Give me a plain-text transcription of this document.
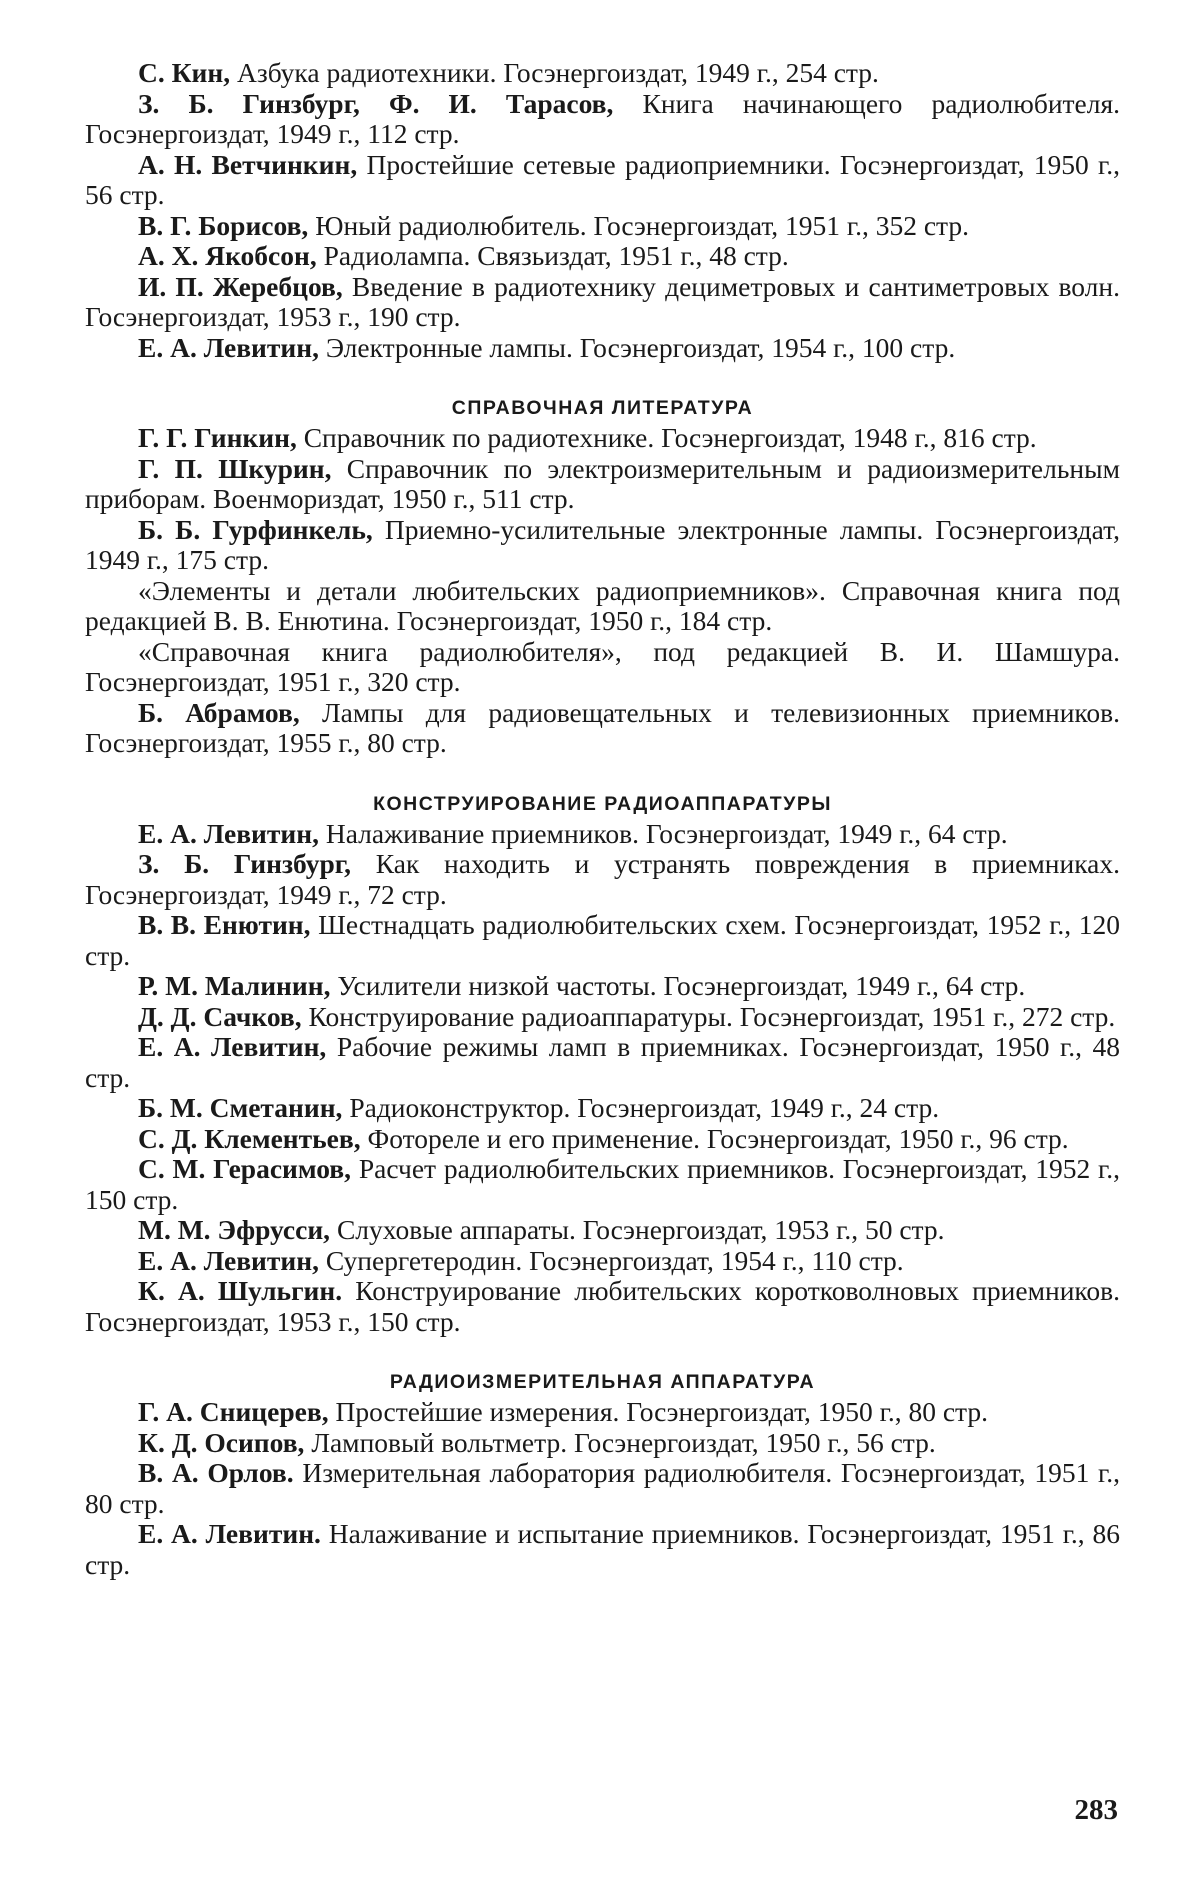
С. Кин, Азбука радиотехники. Госэнергоиздат, 1949 г., 254 стр.

З. Б. Гинзбург, Ф. И. Тарасов, Книга начинающего радиолюбителя. Госэнергоиздат, 1949 г., 112 стр.

А. Н. Ветчинкин, Простейшие сетевые радиоприемники. Госэнергоиздат, 1950 г., 56 стр.

В. Г. Борисов, Юный радиолюбитель. Госэнергоиздат, 1951 г., 352 стр.

А. Х. Якобсон, Радиолампа. Связьиздат, 1951 г., 48 стр.

И. П. Жеребцов, Введение в радиотехнику дециметровых и сантиметровых волн. Госэнергоиздат, 1953 г., 190 стр.

Е. А. Левитин, Электронные лампы. Госэнергоиздат, 1954 г., 100 стр.

СПРАВОЧНАЯ ЛИТЕРАТУРА

Г. Г. Гинкин, Справочник по радиотехнике. Госэнергоиздат, 1948 г., 816 стр.

Г. П. Шкурин, Справочник по электроизмерительным и радиоизмерительным приборам. Военмориздат, 1950 г., 511 стр.

Б. Б. Гурфинкель, Приемно-усилительные электронные лампы. Госэнергоиздат, 1949 г., 175 стр.

«Элементы и детали любительских радиоприемников». Справочная книга под редакцией В. В. Енютина. Госэнергоиздат, 1950 г., 184 стр.

«Справочная книга радиолюбителя», под редакцией В. И. Шамшура. Госэнергоиздат, 1951 г., 320 стр.

Б. Абрамов, Лампы для радиовещательных и телевизионных приемников. Госэнергоиздат, 1955 г., 80 стр.

КОНСТРУИРОВАНИЕ РАДИОАППАРАТУРЫ

Е. А. Левитин, Налаживание приемников. Госэнергоиздат, 1949 г., 64 стр.

З. Б. Гинзбург, Как находить и устранять повреждения в приемниках. Госэнергоиздат, 1949 г., 72 стр.

В. В. Енютин, Шестнадцать радиолюбительских схем. Госэнергоиздат, 1952 г., 120 стр.

Р. М. Малинин, Усилители низкой частоты. Госэнергоиздат, 1949 г., 64 стр.

Д. Д. Сачков, Конструирование радиоаппаратуры. Госэнергоиздат, 1951 г., 272 стр.

Е. А. Левитин, Рабочие режимы ламп в приемниках. Госэнергоиздат, 1950 г., 48 стр.

Б. М. Сметанин, Радиоконструктор. Госэнергоиздат, 1949 г., 24 стр.

С. Д. Клементьев, Фотореле и его применение. Госэнергоиздат, 1950 г., 96 стр.

С. М. Герасимов, Расчет радиолюбительских приемников. Госэнергоиздат, 1952 г., 150 стр.

М. М. Эфрусси, Слуховые аппараты. Госэнергоиздат, 1953 г., 50 стр.

Е. А. Левитин, Супергетеродин. Госэнергоиздат, 1954 г., 110 стр.

К. А. Шульгин. Конструирование любительских коротковолновых приемников. Госэнергоиздат, 1953 г., 150 стр.

РАДИОИЗМЕРИТЕЛЬНАЯ АППАРАТУРА

Г. А. Сницерев, Простейшие измерения. Госэнергоиздат, 1950 г., 80 стр.

К. Д. Осипов, Ламповый вольтметр. Госэнергоиздат, 1950 г., 56 стр.

В. А. Орлов. Измерительная лаборатория радиолюбителя. Госэнергоиздат, 1951 г., 80 стр.

Е. А. Левитин. Налаживание и испытание приемников. Госэнергоиздат, 1951 г., 86 стр.

283
